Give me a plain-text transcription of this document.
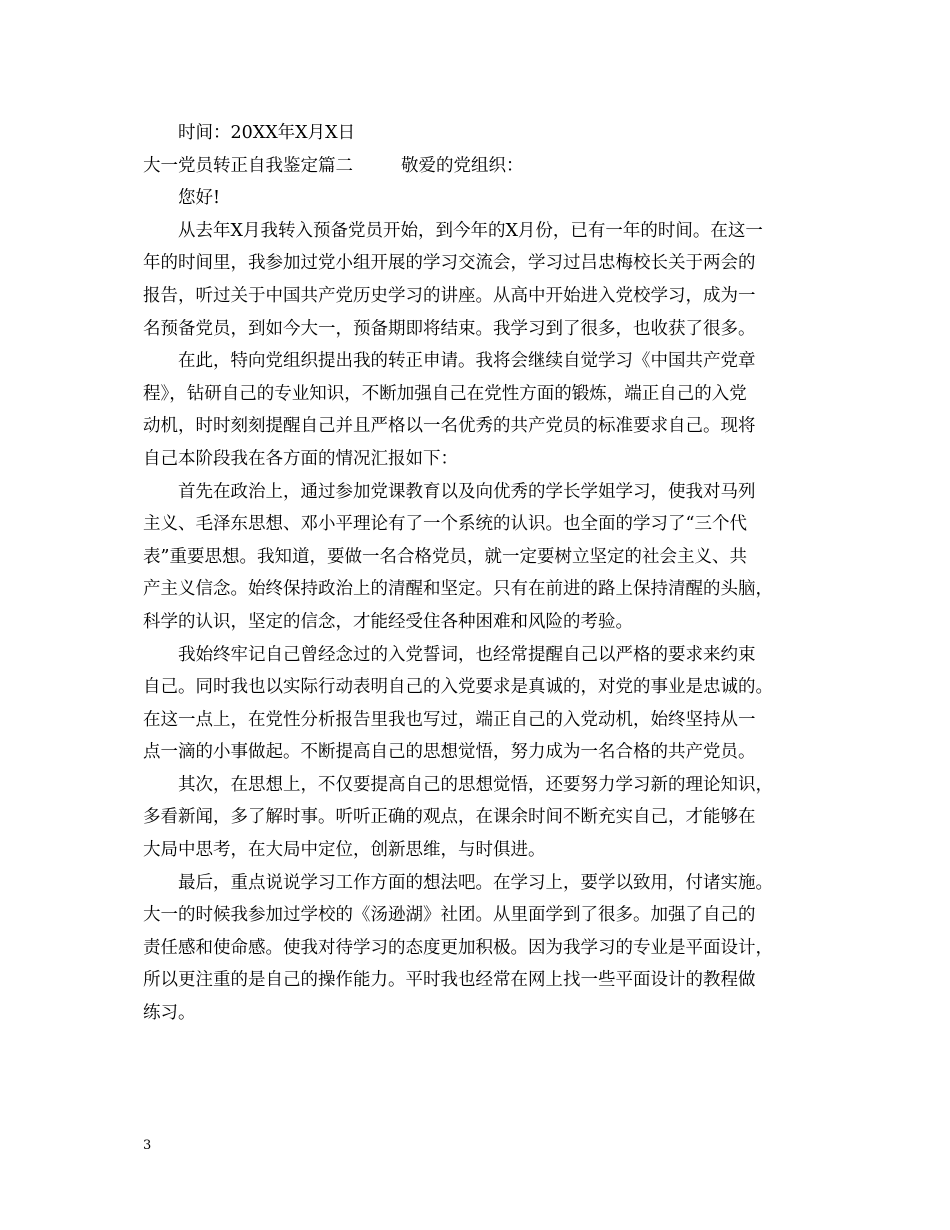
时间：20XX年X月X日

大一党员转正自我鉴定篇二	敬爱的党组织：

您好!

从去年X月我转入预备党员开始，到今年的X月份，已有一年的时间。在这一
年的时间里，我参加过党小组开展的学习交流会，学习过吕忠梅校长关于两会的
报告，听过关于中国共产党历史学习的讲座。从高中开始进入党校学习，成为一
名预备党员，到如今大一，预备期即将结束。我学习到了很多，也收获了很多。
在此，特向党组织提出我的转正申请。我将会继续自觉学习《中国共产党章
程》，钻研自己的专业知识，不断加强自己在党性方面的锻炼，端正自己的入党
动机，时时刻刻提醒自己并且严格以一名优秀的共产党员的标准要求自己。现将
自己本阶段我在各方面的情况汇报如下：
首先在政治上，通过参加党课教育以及向优秀的学长学姐学习，使我对马列
主义、毛泽东思想、邓小平理论有了一个系统的认识。也全面的学习了“三个代
表”重要思想。我知道，要做一名合格党员，就一定要树立坚定的社会主义、共
产主义信念。始终保持政治上的清醒和坚定。只有在前进的路上保持清醒的头脑，
科学的认识，坚定的信念，才能经受住各种困难和风险的考验。
我始终牢记自己曾经念过的入党誓词，也经常提醒自己以严格的要求来约束
自己。同时我也以实际行动表明自己的入党要求是真诚的，对党的事业是忠诚的。
在这一点上，在党性分析报告里我也写过，端正自己的入党动机，始终坚持从一
点一滴的小事做起。不断提高自己的思想觉悟，努力成为一名合格的共产党员。
其次，在思想上，不仅要提高自己的思想觉悟，还要努力学习新的理论知识，
多看新闻，多了解时事。听听正确的观点，在课余时间不断充实自己，才能够在
大局中思考，在大局中定位，创新思维，与时俱进。
最后，重点说说学习工作方面的想法吧。在学习上，要学以致用，付诸实施。
大一的时候我参加过学校的《汤逊湖》社团。从里面学到了很多。加强了自己的
责任感和使命感。使我对待学习的态度更加积极。因为我学习的专业是平面设计，
所以更注重的是自己的操作能力。平时我也经常在网上找一些平面设计的教程做
练习。
3
